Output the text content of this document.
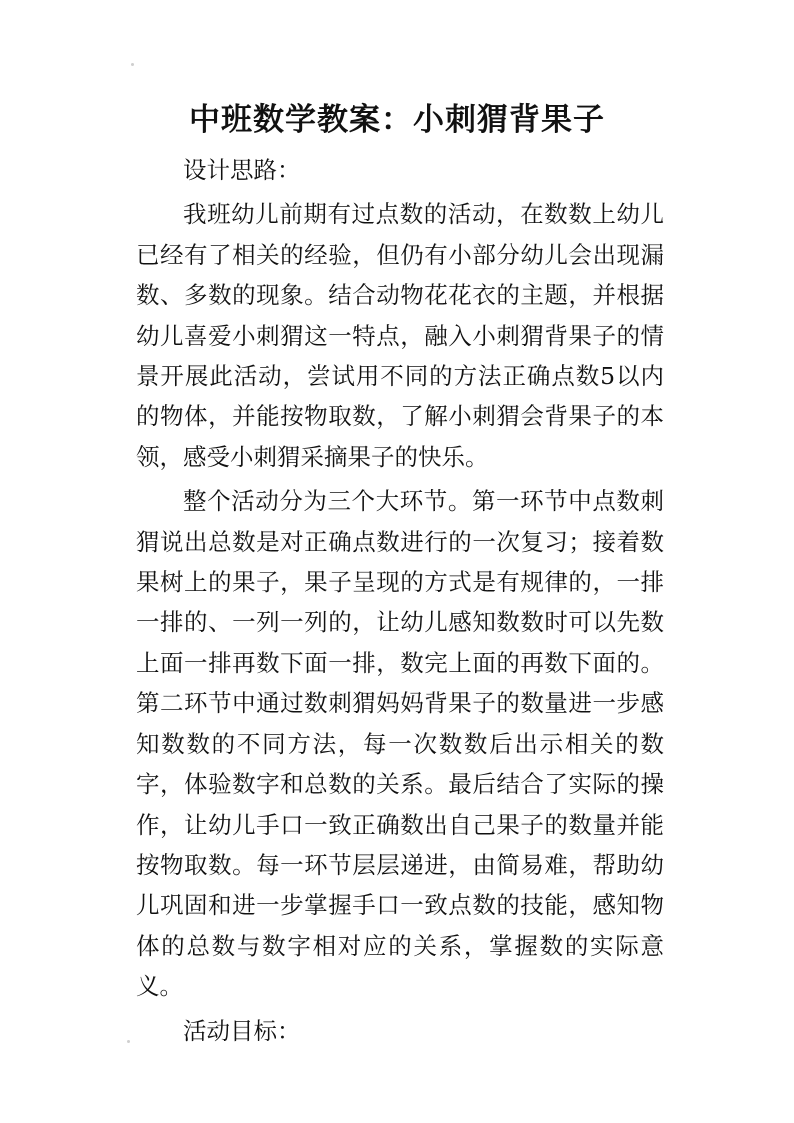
中班数学教案：小刺猬背果子

设计思路：

我班幼儿前期有过点数的活动，在数数上幼儿已经有了相关的经验，但仍有小部分幼儿会出现漏数、多数的现象。结合动物花花衣的主题，并根据幼儿喜爱小刺猬这一特点，融入小刺猬背果子的情景开展此活动，尝试用不同的方法正确点数5以内的物体，并能按物取数，了解小刺猬会背果子的本领，感受小刺猬采摘果子的快乐。

整个活动分为三个大环节。第一环节中点数刺猬说出总数是对正确点数进行的一次复习；接着数果树上的果子，果子呈现的方式是有规律的，一排一排的、一列一列的，让幼儿感知数数时可以先数上面一排再数下面一排，数完上面的再数下面的。第二环节中通过数刺猬妈妈背果子的数量进一步感知数数的不同方法，每一次数数后出示相关的数字，体验数字和总数的关系。最后结合了实际的操作，让幼儿手口一致正确数出自己果子的数量并能按物取数。每一环节层层递进，由简易难，帮助幼儿巩固和进一步掌握手口一致点数的技能，感知物体的总数与数字相对应的关系，掌握数的实际意义。

活动目标：
